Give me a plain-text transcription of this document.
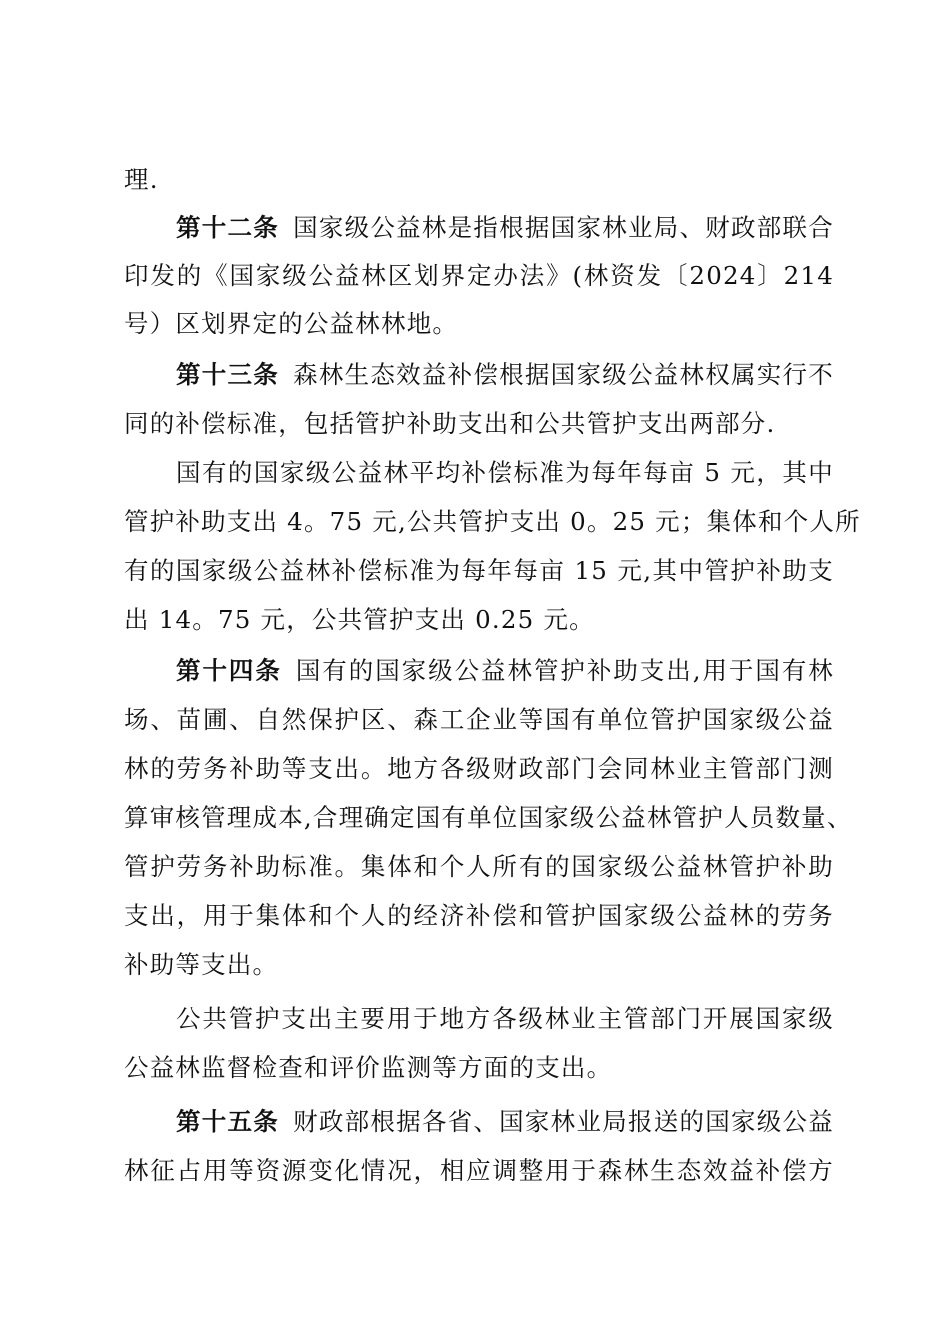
理.
第十二条 国家级公益林是指根据国家林业局、财政部联合
印发的《国家级公益林区划界定办法》(林资发〔2024〕214
号）区划界定的公益林林地。
第十三条 森林生态效益补偿根据国家级公益林权属实行不
同的补偿标准，包括管护补助支出和公共管护支出两部分.
国有的国家级公益林平均补偿标准为每年每亩 5 元，其中
管护补助支出 4。75 元,公共管护支出 0。25 元；集体和个人所
有的国家级公益林补偿标准为每年每亩 15 元,其中管护补助支
出 14。75 元，公共管护支出 0.25 元。
第十四条 国有的国家级公益林管护补助支出,用于国有林
场、苗圃、自然保护区、森工企业等国有单位管护国家级公益
林的劳务补助等支出。地方各级财政部门会同林业主管部门测
算审核管理成本,合理确定国有单位国家级公益林管护人员数量、
管护劳务补助标准。集体和个人所有的国家级公益林管护补助
支出，用于集体和个人的经济补偿和管护国家级公益林的劳务
补助等支出。
公共管护支出主要用于地方各级林业主管部门开展国家级
公益林监督检查和评价监测等方面的支出。
第十五条 财政部根据各省、国家林业局报送的国家级公益
林征占用等资源变化情况，相应调整用于森林生态效益补偿方
